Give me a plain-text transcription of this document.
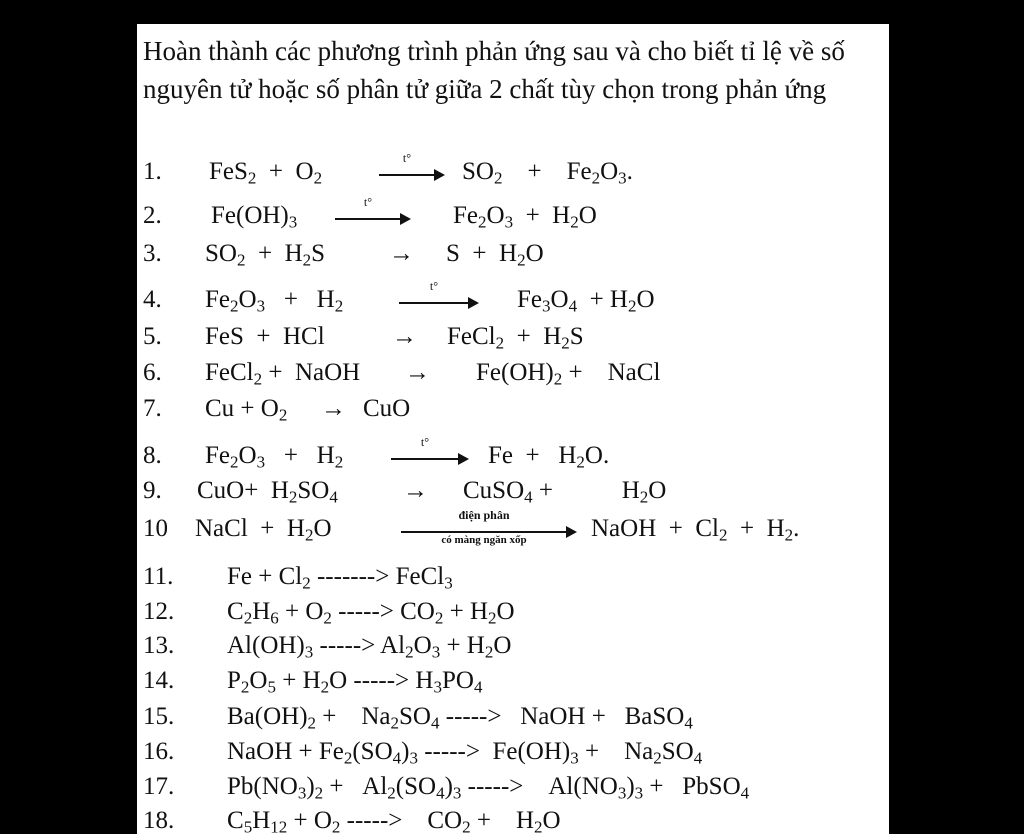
Hoàn thành các phương trình phản ứng sau và cho biết tỉ lệ về số nguyên tử hoặc số phân tử giữa 2 chất tùy chọn trong phản ứng

1. $FeS_2 + O_2$
t°	$SO_2$    +    $Fe_2O_3$.
2. $Fe(OH)_3$
t°	$Fe_2O_3 + H_2O$
3. $SO_2 + H_2S$	→ $S + H_2O$
4. $Fe_2O_3 + H_2$
t°	$Fe_3O_4 + H_2O$
5. FeS  +  HCl	→ FeCl$_2$  +  $H_2S$
6. FeCl$_2$ +  NaOH → $Fe(OH)_2$ +    NaCl
7. $Cu + O_2$ → CuO
8. $Fe_2O_3 + H_2$
t°	$Fe + H_2O$.
9. $CuO+ H_2SO_4$	→ CuSO$_4$ +           $H_2O$
10 NaCl  +  $H_2O$	điện phân
có màng ngăn xốp	NaOH  +  $Cl_2 + H_2$.
11. $Fe + Cl_2$ -------> FeCl$_3$
12. $C_2H_6 + O_2$ -----> $CO_2 + H_2O$
13. $Al(OH)_3$ -----> $Al_2O_3 + H_2O$
14. $P_2O_5 + H_2O$ -----> $H_3PO_4$
15. $Ba(OH)_2$ +    $Na_2SO_4$ ----->   NaOH +   BaSO$_4$
16. NaOH + $Fe_2(SO_4)_3$ ----->  $Fe(OH)_3$ +    $Na_2SO_4$
17. $Pb(NO_3)_2 + Al_2(SO_4)_3$ ----->    $Al(NO_3)_3$ +   PbSO$_4$
18. $C_5H_{12} + O_2$ ----->    $CO_2$ +    $H_2O$
